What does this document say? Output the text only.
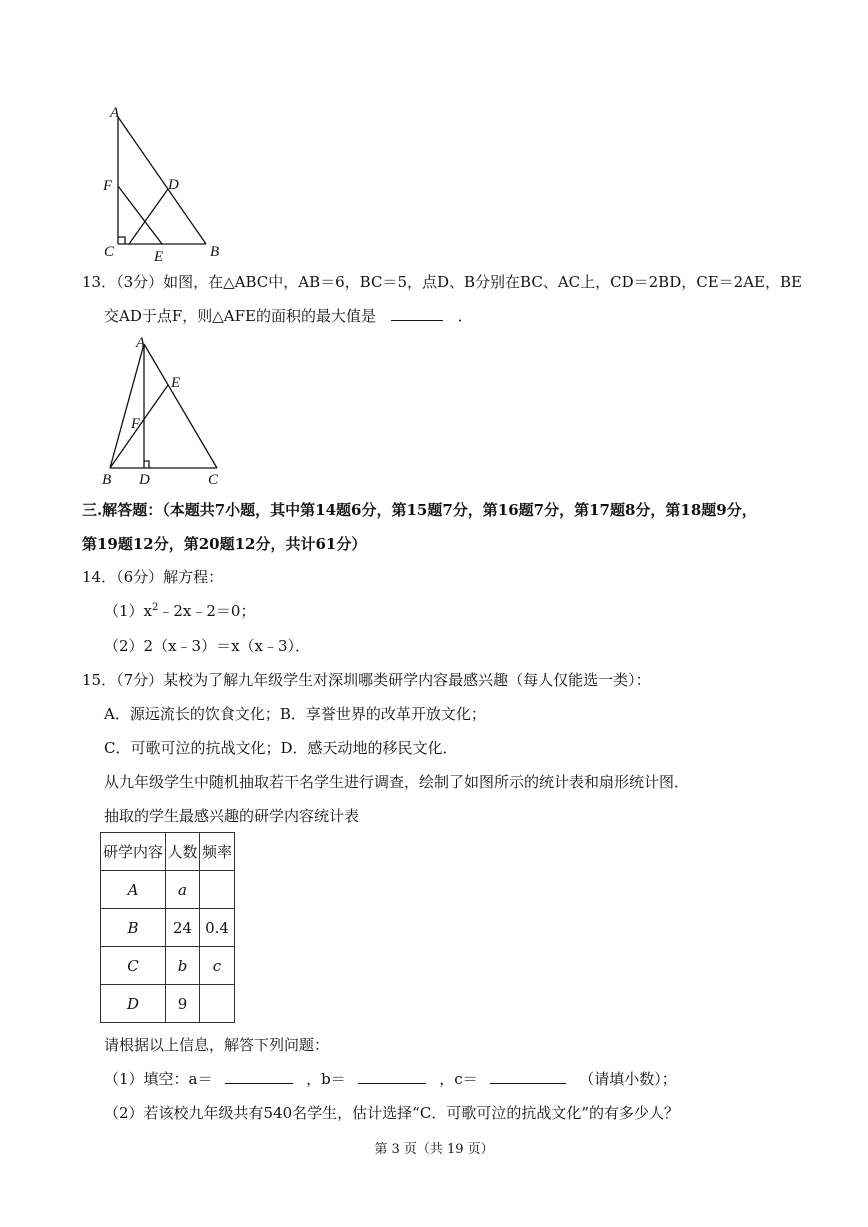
A
F	D
C	E	B
13．（3分）如图，在△ABC中，AB＝6，BC＝5，点D、B分别在BC、AC上，CD＝2BD，CE＝2AE，BE
交AD于点F，则△AFE的面积的最大值是	．
A
E
F
B D	C
三.解答题：（本题共7小题，其中第14题6分，第15题7分，第16题7分，第17题8分，第18题9分，
第19题12分，第20题12分，共计61分）
14．（6分）解方程：
$(1)x^2﹣2x﹣2=0$；
（2）2（x﹣3）＝x（x﹣3）．
15．（7分）某校为了解九年级学生对深圳哪类研学内容最感兴趣（每人仅能选一类）：
A．源远流长的饮食文化；B．享誉世界的改革开放文化；
C．可歌可泣的抗战文化；D．感天动地的移民文化．
从九年级学生中随机抽取若干名学生进行调查，绘制了如图所示的统计表和扇形统计图．
抽取的学生最感兴趣的研学内容统计表
研学内容	人数	频率
A	a	
B	24	0.4
C	b	c
D	9	
请根据以上信息，解答下列问题：
（1）填空：a＝	，b＝	，c＝	（请填小数）；
（2）若该校九年级共有540名学生，估计选择“C．可歌可泣的抗战文化”的有多少人？
第 3 页（共 19 页）
